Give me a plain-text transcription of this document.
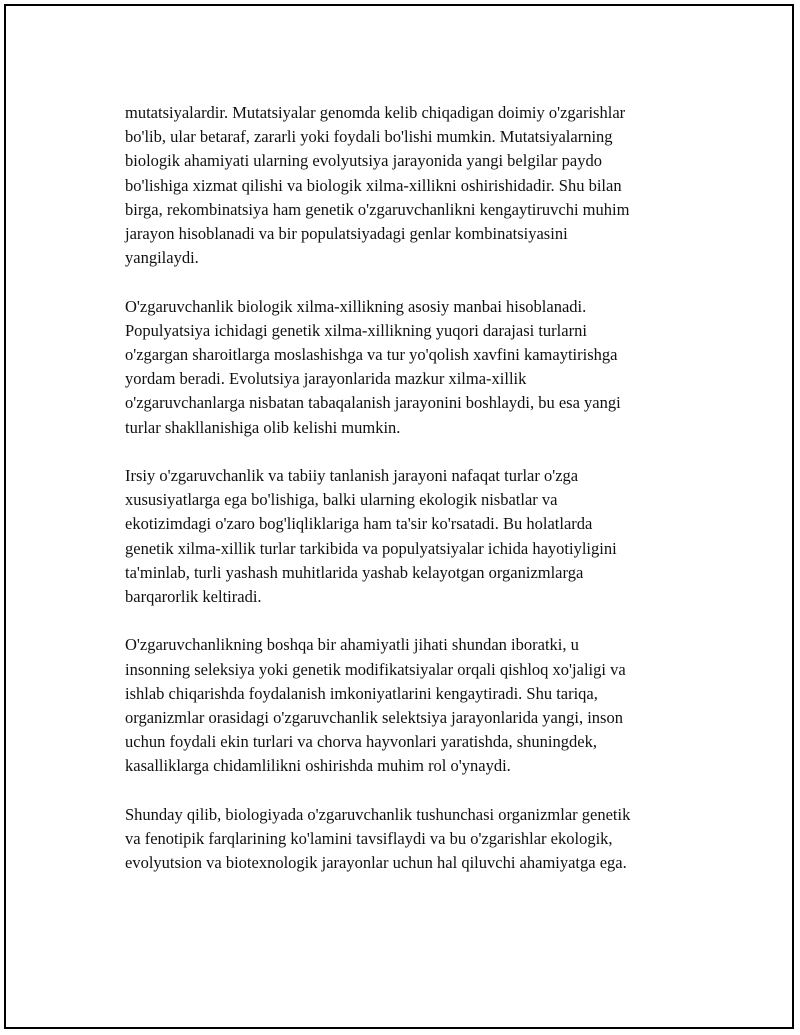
mutatsiyalardir. Mutatsiyalar genomda kelib chiqadigan doimiy o'zgarishlar
bo'lib, ular betaraf, zararli yoki foydali bo'lishi mumkin. Mutatsiyalarning
biologik ahamiyati ularning evolyutsiya jarayonida yangi belgilar paydo
bo'lishiga xizmat qilishi va biologik xilma-xillikni oshirishidadir. Shu bilan
birga, rekombinatsiya ham genetik o'zgaruvchanlikni kengaytiruvchi muhim
jarayon hisoblanadi va bir populatsiyadagi genlar kombinatsiyasini
yangilaydi.

O'zgaruvchanlik biologik xilma-xillikning asosiy manbai hisoblanadi.
Populyatsiya ichidagi genetik xilma-xillikning yuqori darajasi turlarni
o'zgargan sharoitlarga moslashishga va tur yo'qolish xavfini kamaytirishga
yordam beradi. Evolutsiya jarayonlarida mazkur xilma-xillik
o'zgaruvchanlarga nisbatan tabaqalanish jarayonini boshlaydi, bu esa yangi
turlar shakllanishiga olib kelishi mumkin.

Irsiy o'zgaruvchanlik va tabiiy tanlanish jarayoni nafaqat turlar o'zga
xususiyatlarga ega bo'lishiga, balki ularning ekologik nisbatlar va
ekotizimdagi o'zaro bog'liqliklariga ham ta'sir ko'rsatadi. Bu holatlarda
genetik xilma-xillik turlar tarkibida va populyatsiyalar ichida hayotiyligini
ta'minlab, turli yashash muhitlarida yashab kelayotgan organizmlarga
barqarorlik keltiradi.

O'zgaruvchanlikning boshqa bir ahamiyatli jihati shundan iboratki, u
insonning seleksiya yoki genetik modifikatsiyalar orqali qishloq xo'jaligi va
ishlab chiqarishda foydalanish imkoniyatlarini kengaytiradi. Shu tariqa,
organizmlar orasidagi o'zgaruvchanlik selektsiya jarayonlarida yangi, inson
uchun foydali ekin turlari va chorva hayvonlari yaratishda, shuningdek,
kasalliklarga chidamlilikni oshirishda muhim rol o'ynaydi.

Shunday qilib, biologiyada o'zgaruvchanlik tushunchasi organizmlar genetik
va fenotipik farqlarining ko'lamini tavsiflaydi va bu o'zgarishlar ekologik,
evolyutsion va biotexnologik jarayonlar uchun hal qiluvchi ahamiyatga ega.
